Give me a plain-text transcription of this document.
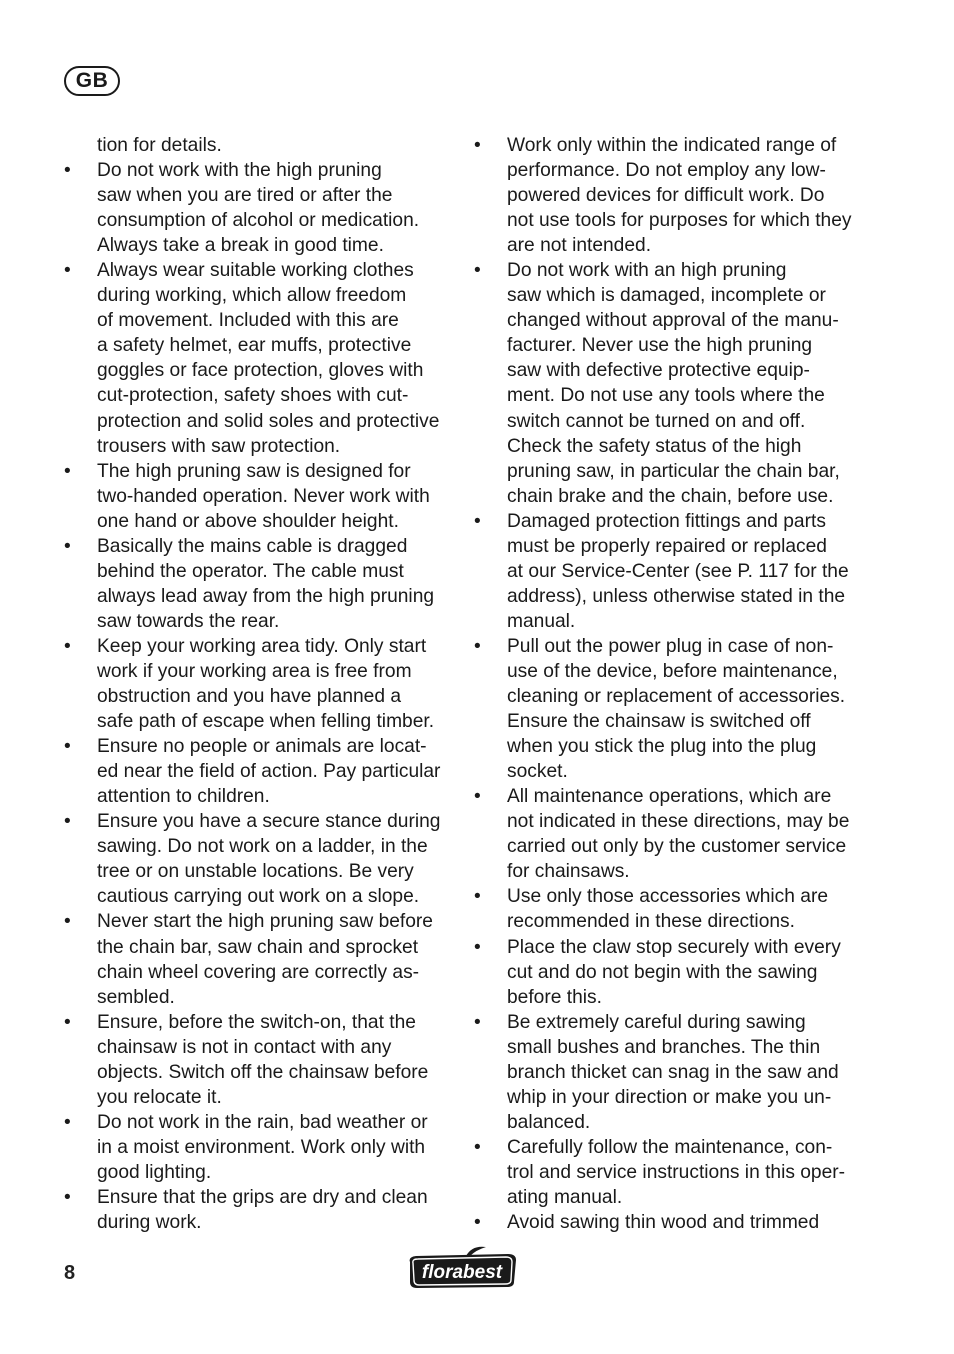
GB
tion for details.
• Do not work with the high pruning
saw when you are tired or after the
consumption of alcohol or medication.
Always take a break in good time.
• Always wear suitable working clothes
during working, which allow freedom
of movement. Included with this are
a safety helmet, ear muffs, protective
goggles or face protection, gloves with
cut-protection, safety shoes with cut-
protection and solid soles and protective
trousers with saw protection.
• The high pruning saw is designed for
two-handed operation. Never work with
one hand or above shoulder height.
• Basically the mains cable is dragged
behind the operator. The cable must
always lead away from the high pruning
saw towards the rear.
• Keep your working area tidy. Only start
work if your working area is free from
obstruction and you have planned a
safe path of escape when felling timber.
• Ensure no people or animals are locat-
ed near the field of action. Pay particular
attention to children.
• Ensure you have a secure stance during
sawing. Do not work on a ladder, in the
tree or on unstable locations. Be very
cautious carrying out work on a slope.
• Never start the high pruning saw before
the chain bar, saw chain and sprocket
chain wheel covering are correctly as-
sembled.
• Ensure, before the switch-on, that the
chainsaw is not in contact with any
objects. Switch off the chainsaw before
you relocate it.
• Do not work in the rain, bad weather or
in a moist environment. Work only with
good lighting.
• Ensure that the grips are dry and clean
during work.
• Work only within the indicated range of
performance. Do not employ any low-
powered devices for difficult work. Do
not use tools for purposes for which they
are not intended.
• Do not work with an high pruning
saw which is damaged, incomplete or
changed without approval of the manu-
facturer. Never use the high pruning
saw with defective protective equip-
ment. Do not use any tools where the
switch cannot be turned on and off.
Check the safety status of the high
pruning saw, in particular the chain bar,
chain brake and the chain, before use.
• Damaged protection fittings and parts
must be properly repaired or replaced
at our Service-Center (see P. 117 for the
address), unless otherwise stated in the
manual.
• Pull out the power plug in case of non-
use of the device, before maintenance,
cleaning or replacement of accessories.
Ensure the chainsaw is switched off
when you stick the plug into the plug
socket.
• All maintenance operations, which are
not indicated in these directions, may be
carried out only by the customer service
for chainsaws.
• Use only those accessories which are
recommended in these directions.
• Place the claw stop securely with every
cut and do not begin with the sawing
before this.
• Be extremely careful during sawing
small bushes and branches. The thin
branch thicket can snag in the saw and
whip in your direction or make you un-
balanced.
• Carefully follow the maintenance, con-
trol and service instructions in this oper-
ating manual.
• Avoid sawing thin wood and trimmed
8	florabest
